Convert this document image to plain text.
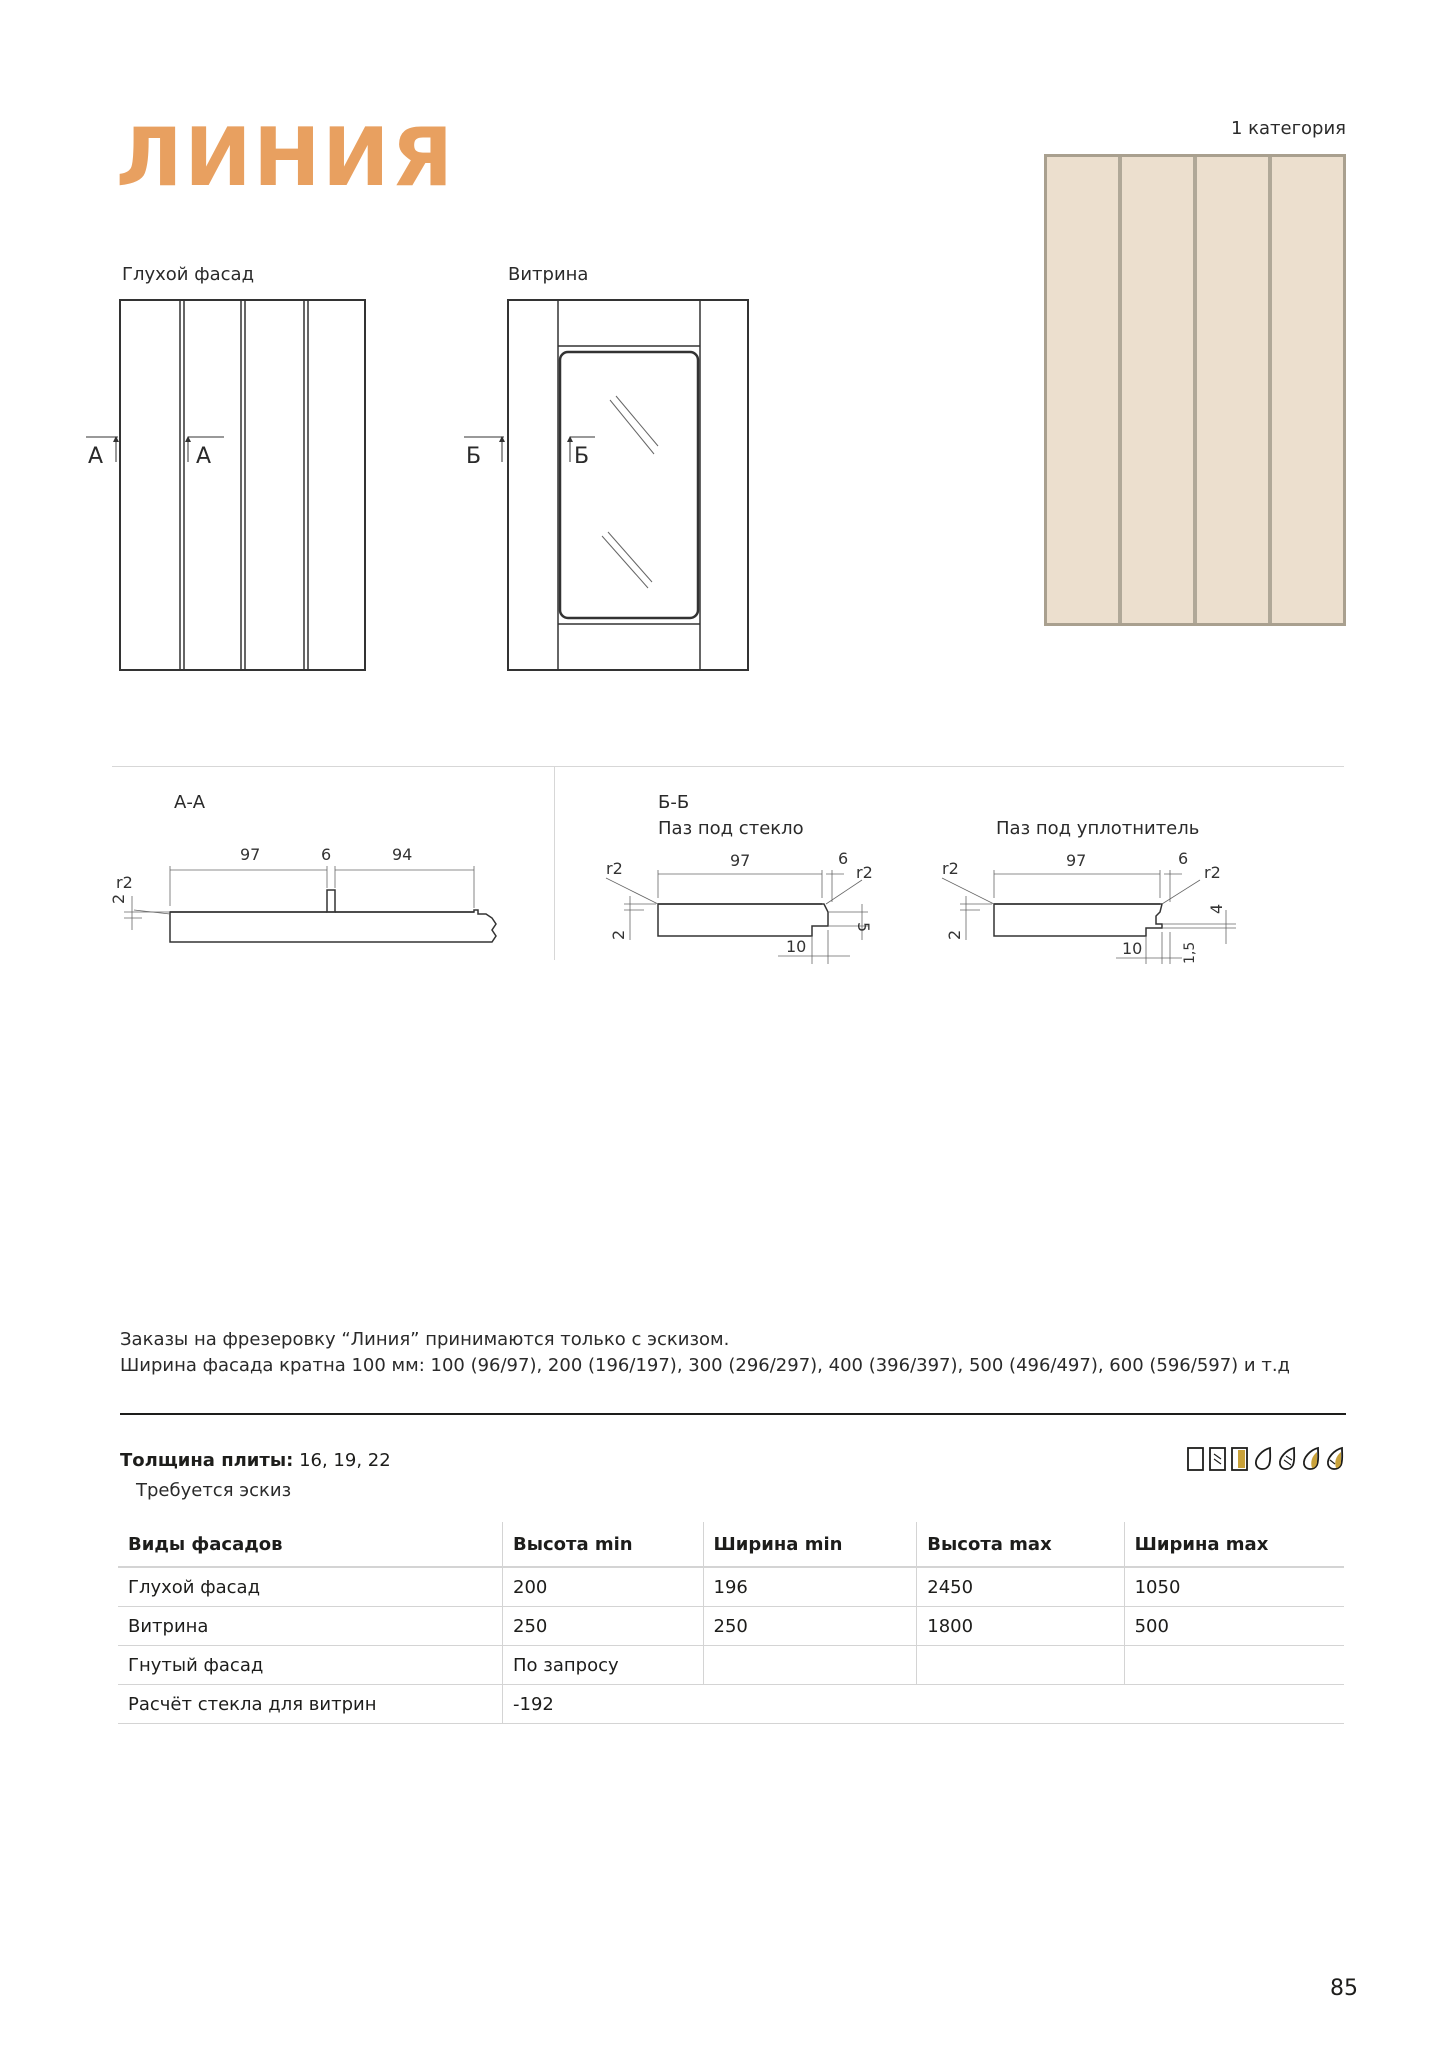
ЛИНИЯ	1 категория
Глухой фасад
А	А
Витрина
Б	Б
А-А
97	6	94
r2
2
Б-Б
Паз под стекло
97	6
r2	r2
2
5
10
Паз под уплотнитель
97	6
r2	r2
2
4
10	1,5
Заказы на фрезеровку “Линия” принимаются только с эскизом.
Ширина фасада кратна 100 мм: 100 (96/97), 200 (196/197), 300 (296/297), 400 (396/397), 500 (496/497), 600 (596/597) и т.д
Толщина плиты: 16, 19, 22
Требуется эскиз
Виды фасадов	Высота min	Ширина min	Высота max	Ширина max
Глухой фасад	200	196	2450	1050
Витрина	250	250	1800	500
Гнутый фасад	По запросу			
Расчёт стекла для витрин	-192			
85
